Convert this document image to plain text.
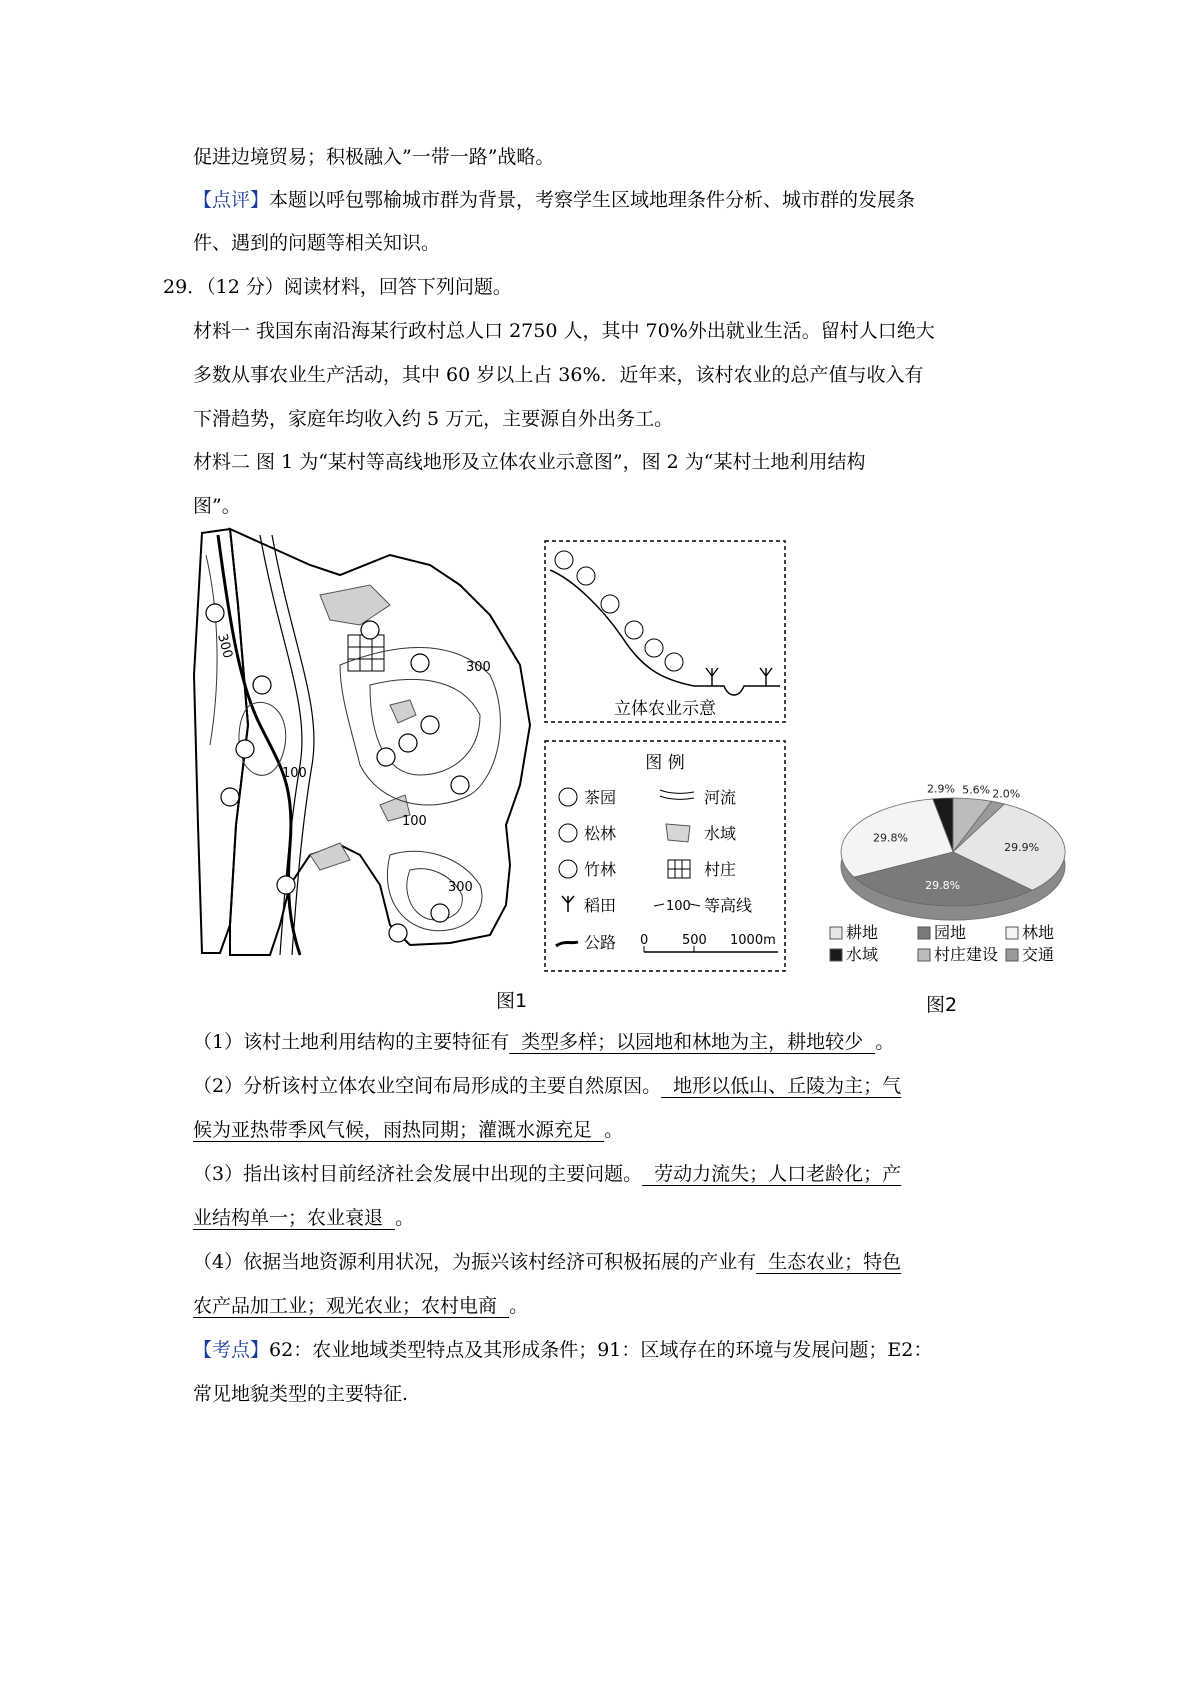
促进边境贸易；积极融入”一带一路”战略。
【点评】本题以呼包鄂榆城市群为背景，考察学生区域地理条件分析、城市群的发展条
件、遇到的问题等相关知识。
29．（12 分）阅读材料，回答下列问题。
材料一 我国东南沿海某行政村总人口 2750 人，其中 70%外出就业生活。留村人口绝大
多数从事农业生产活动，其中 60 岁以上占 36%．近年来，该村农业的总产值与收入有
下滑趋势，家庭年均收入约 5 万元，主要源自外出务工。
材料二 图 1 为“某村等高线地形及立体农业示意图”，图 2 为“某村土地利用结构
图”。
300
300
100
100
300
立体农业示意
图 例
茶园	河流
松林	水域
竹林	村庄
稻田	100 等高线
公路 0	500 1000m
图1
2.9% 5.6% 2.0%
29.9%
29.8%
29.8%
耕地	园地	林地
水域	村庄建设 交通
图2
（1）该村土地利用结构的主要特征有  类型多样；以园地和林地为主，耕地较少  。
（2）分析该村立体农业空间布局形成的主要自然原因。  地形以低山、丘陵为主；气
候为亚热带季风气候，雨热同期；灌溉水源充足  。
（3）指出该村目前经济社会发展中出现的主要问题。  劳动力流失；人口老龄化；产
业结构单一；农业衰退  。
（4）依据当地资源利用状况，为振兴该村经济可积极拓展的产业有  生态农业；特色
农产品加工业；观光农业；农村电商  。
【考点】62：农业地域类型特点及其形成条件；91：区域存在的环境与发展问题；E2：
常见地貌类型的主要特征.
